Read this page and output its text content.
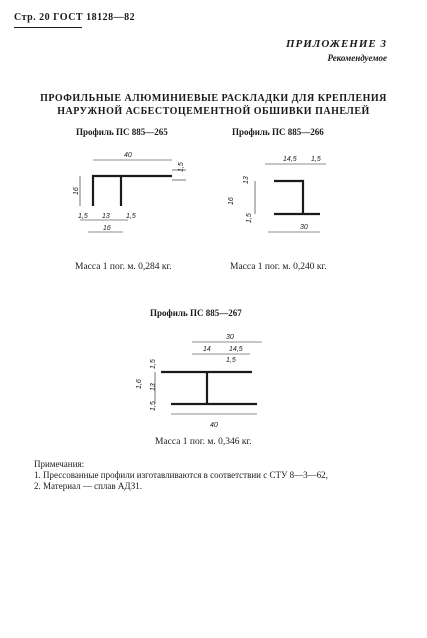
Стр. 20 ГОСТ 18128—82
ПРИЛОЖЕНИЕ 3
Рекомендуемое
ПРОФИЛЬНЫЕ АЛЮМИНИЕВЫЕ РАСКЛАДКИ ДЛЯ КРЕПЛЕНИЯ
НАРУЖНОЙ АСБЕСТОЦЕМЕНТНОЙ ОБШИВКИ ПАНЕЛЕЙ
Профиль ПС 885—265
40
1,5
16
1,5 13 1,5
16
Масса 1 пог. м. 0,284 кг.
Профиль ПС 885—266
14,5 1,5
13
16
1,5
30
Масса 1 пог. м. 0,240 кг.
Профиль ПС 885—267
30
14	14,5
1,5
1,5
13
1,6
1,5
40
Масса 1 пог. м. 0,346 кг.
Примечания:
1. Прессованные профили изготавливаются в соответствии с СТУ 8—3—62,
2. Материал — сплав АДЗ1.
